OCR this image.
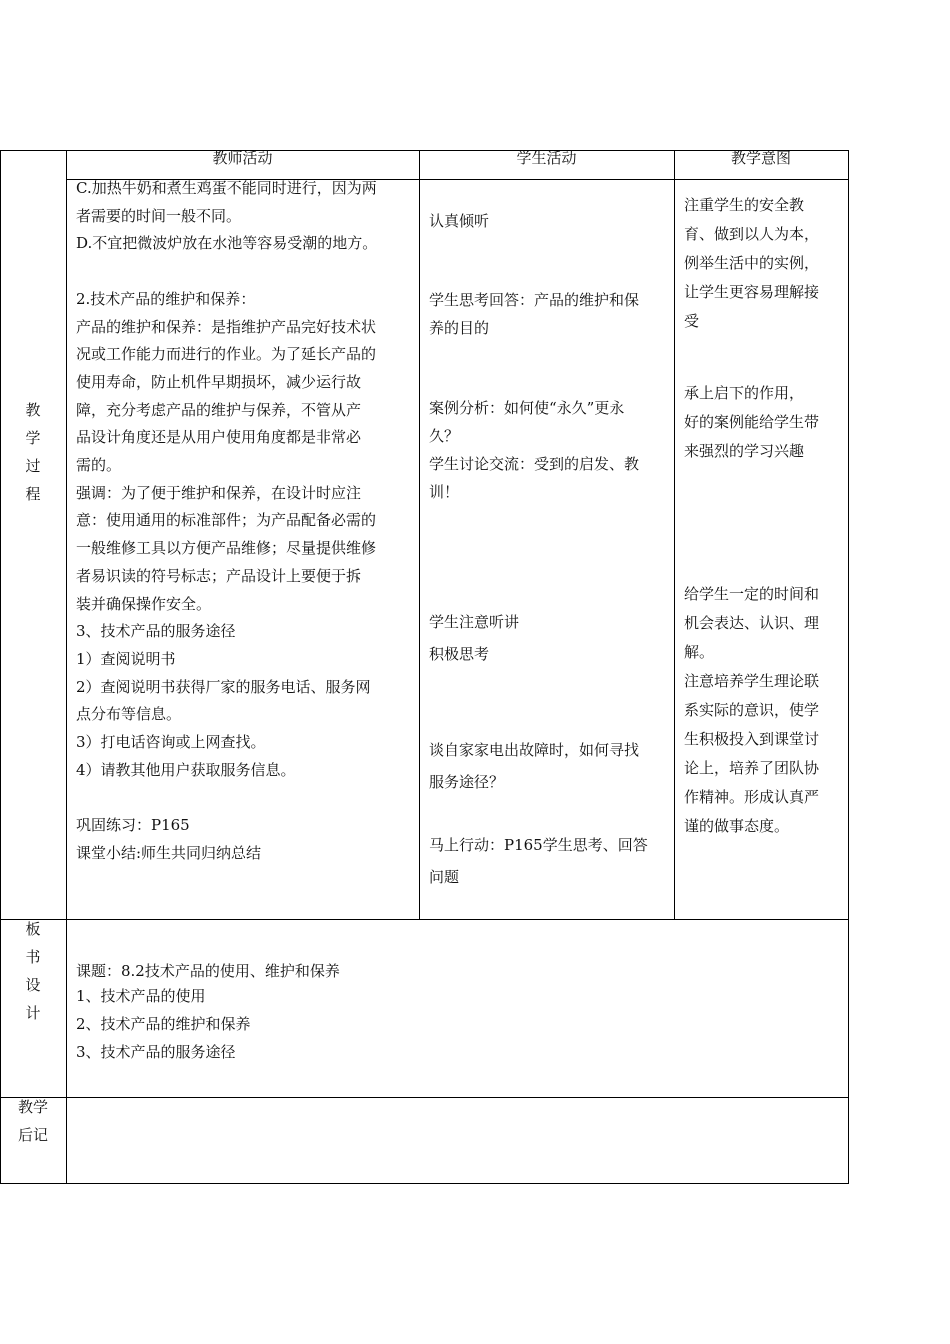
教师活动	学生活动	教学意图
教
学
过
程
板
书
设
计
教学
后记

C.加热牛奶和煮生鸡蛋不能同时进行，因为两

者需要的时间一般不同。

D.不宜把微波炉放在水池等容易受潮的地方。

2.技术产品的维护和保养：

产品的维护和保养：是指维护产品完好技术状

况或工作能力而进行的作业。为了延长产品的

使用寿命，防止机件早期损坏，减少运行故

障，充分考虑产品的维护与保养，不管从产

品设计角度还是从用户使用角度都是非常必

需的。

强调：为了便于维护和保养，在设计时应注

意：使用通用的标准部件；为产品配备必需的

一般维修工具以方便产品维修；尽量提供维修

者易识读的符号标志；产品设计上要便于拆

装并确保操作安全。

3、技术产品的服务途径

1）查阅说明书

2）查阅说明书获得厂家的服务电话、服务网

点分布等信息。

3）打电话咨询或上网查找。

4）请教其他用户获取服务信息。

巩固练习：P165

课堂小结:师生共同归纳总结

认真倾听

学生思考回答：产品的维护和保

养的目的

案例分析：如何使“永久”更永

久？

学生讨论交流：受到的启发、教

训！

学生注意听讲

积极思考

谈自家家电出故障时，如何寻找

服务途径？

马上行动：P165学生思考、回答

问题

注重学生的安全教

育、做到以人为本，

例举生活中的实例，

让学生更容易理解接

受

承上启下的作用，

好的案例能给学生带

来强烈的学习兴趣

给学生一定的时间和

机会表达、认识、理

解。

注意培养学生理论联

系实际的意识，使学

生积极投入到课堂讨

论上，培养了团队协

作精神。形成认真严

谨的做事态度。

课题：8.2技术产品的使用、维护和保养

1、技术产品的使用

2、技术产品的维护和保养

3、技术产品的服务途径
